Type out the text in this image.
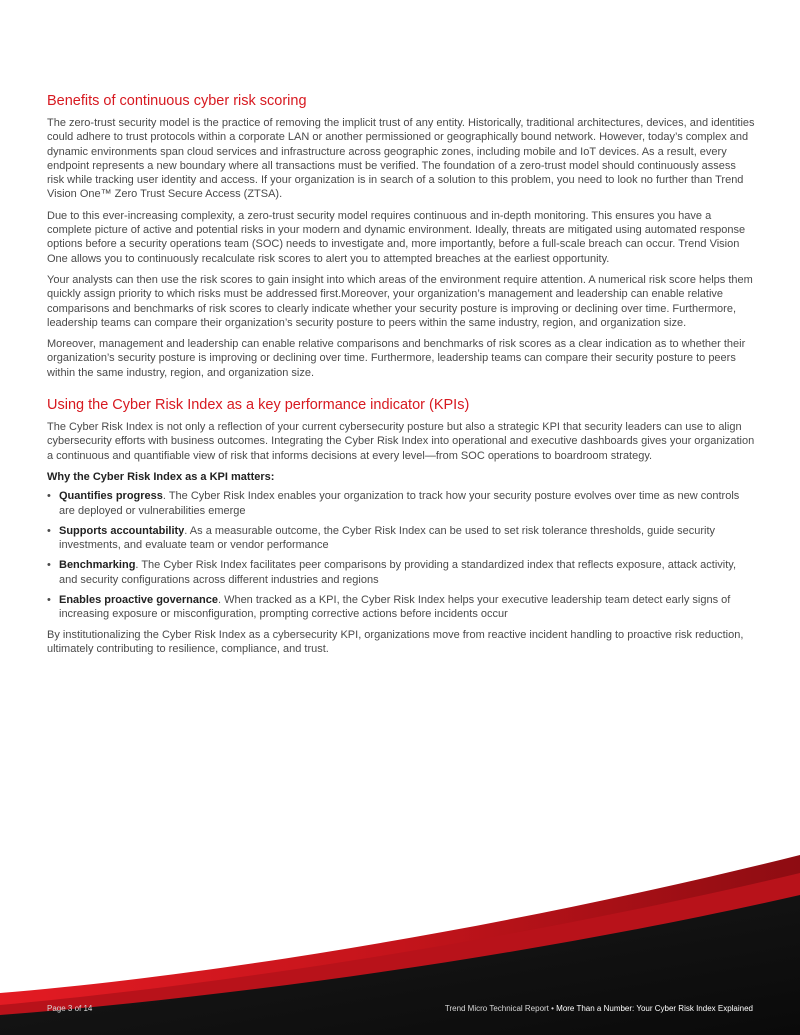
Benefits of continuous cyber risk scoring

The zero-trust security model is the practice of removing the implicit trust of any entity. Historically, traditional architectures, devices, and identities could adhere to trust protocols within a corporate LAN or another permissioned or geographically bound network. However, today’s complex and dynamic environments span cloud services and infrastructure across geographic zones, including mobile and IoT devices. As a result, every endpoint represents a new boundary where all transactions must be verified. The foundation of a zero-trust model should continuously assess risk while tracking user identity and access. If your organization is in search of a solution to this problem, you need to look no further than Trend Vision One™ Zero Trust Secure Access (ZTSA).

Due to this ever-increasing complexity, a zero-trust security model requires continuous and in-depth monitoring. This ensures you have a complete picture of active and potential risks in your modern and dynamic environment. Ideally, threats are mitigated using automated response options before a security operations team (SOC) needs to investigate and, more importantly, before a full-scale breach can occur. Trend Vision One allows you to continuously recalculate risk scores to alert you to attempted breaches at the earliest opportunity.

Your analysts can then use the risk scores to gain insight into which areas of the environment require attention. A numerical risk score helps them quickly assign priority to which risks must be addressed first.Moreover, your organization’s management and leadership can enable relative comparisons and benchmarks of risk scores to clearly indicate whether your security posture is improving or declining over time. Furthermore, leadership teams can compare their organization’s security posture to peers within the same industry, region, and organization size.

Moreover, management and leadership can enable relative comparisons and benchmarks of risk scores as a clear indication as to whether their organization’s security posture is improving or declining over time. Furthermore, leadership teams can compare their security posture to peers within the same industry, region, and organization size.

Using the Cyber Risk Index as a key performance indicator (KPIs)

The Cyber Risk Index is not only a reflection of your current cybersecurity posture but also a strategic KPI that security leaders can use to align cybersecurity efforts with business outcomes. Integrating the Cyber Risk Index into operational and executive dashboards gives your organization a continuous and quantifiable view of risk that informs decisions at every level—from SOC operations to boardroom strategy.

Why the Cyber Risk Index as a KPI matters:
• Quantifies progress. The Cyber Risk Index enables your organization to track how your security posture evolves over time as new controls are deployed or vulnerabilities emerge
• Supports accountability. As a measurable outcome, the Cyber Risk Index can be used to set risk tolerance thresholds, guide security investments, and evaluate team or vendor performance
• Benchmarking. The Cyber Risk Index facilitates peer comparisons by providing a standardized index that reflects exposure, attack activity, and security configurations across different industries and regions
• Enables proactive governance. When tracked as a KPI, the Cyber Risk Index helps your executive leadership team detect early signs of increasing exposure or misconfiguration, prompting corrective actions before incidents occur

By institutionalizing the Cyber Risk Index as a cybersecurity KPI, organizations move from reactive incident handling to proactive risk reduction, ultimately contributing to resilience, compliance, and trust.

Page 3 of 14	Trend Micro Technical Report • More Than a Number: Your Cyber Risk Index Explained
